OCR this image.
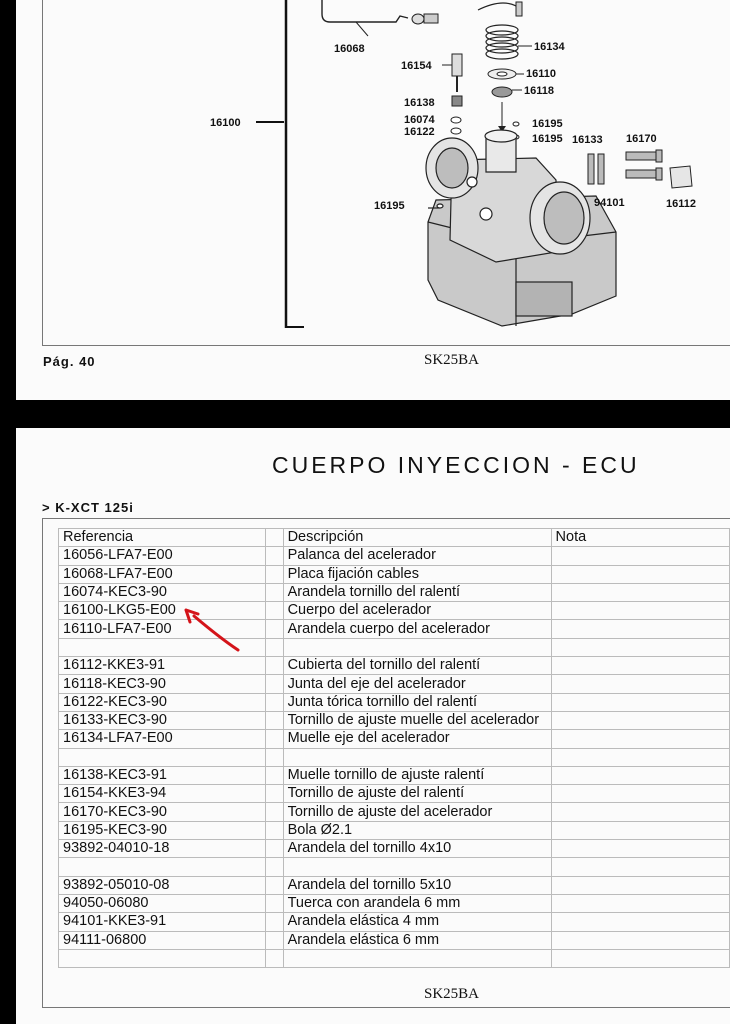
16068	16134
16154
16110
16118
16138
16074
16122
16195
16195 16133 16170
16100
16195	94101	16112
Pág. 40	SK25BA
CUERPO INYECCION - ECU
> K-XCT 125i
Referencia		Descripción	Nota
16056-LFA7-E00		Palanca del acelerador	
16068-LFA7-E00		Placa fijación cables	
16074-KEC3-90		Arandela tornillo del ralentí	
16100-LKG5-E00		Cuerpo del acelerador	
16110-LFA7-E00		Arandela cuerpo del acelerador	

16112-KKE3-91		Cubierta del tornillo del ralentí	
16118-KEC3-90		Junta del eje del acelerador	
16122-KEC3-90		Junta tórica tornillo del ralentí	
16133-KEC3-90		Tornillo de ajuste muelle del acelerador	
16134-LFA7-E00		Muelle eje del acelerador	

16138-KEC3-91		Muelle tornillo de ajuste ralentí	
16154-KKE3-94		Tornillo de ajuste del ralentí	
16170-KEC3-90		Tornillo de ajuste del acelerador	
16195-KEC3-90		Bola Ø2.1	
93892-04010-18		Arandela del tornillo 4x10	

93892-05010-08		Arandela del tornillo 5x10	
94050-06080		Tuerca con arandela 6 mm	
94101-KKE3-91		Arandela elástica 4 mm	
94111-06800		Arandela elástica 6 mm	

SK25BA
